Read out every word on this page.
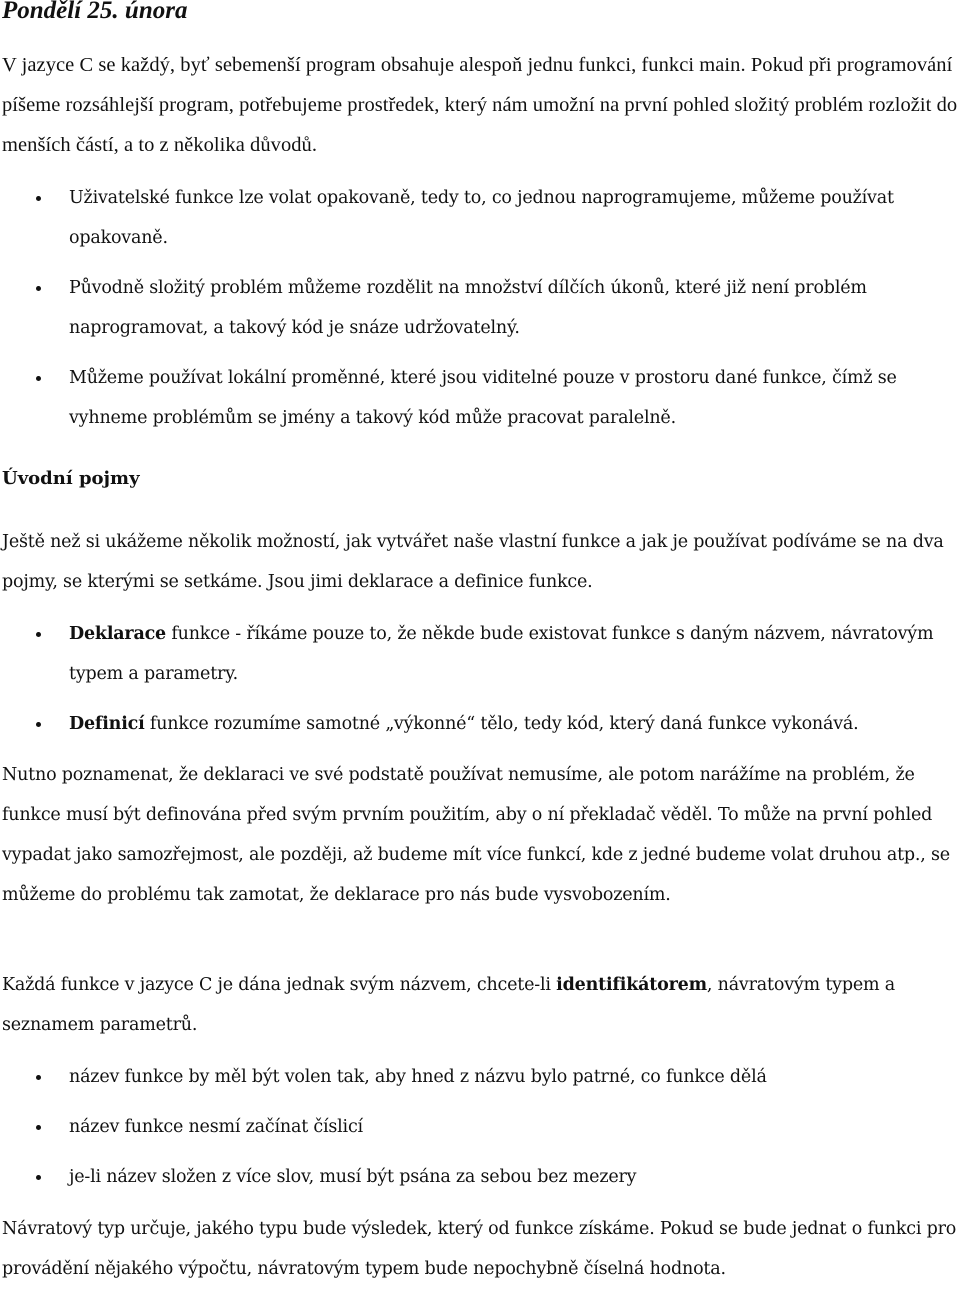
Pondělí 25. února
V jazyce C se každý, byť sebemenší program obsahuje alespoň jednu funkci, funkci main. Pokud při programování píšeme rozsáhlejší program, potřebujeme prostředek, který nám umožní na první pohled složitý problém rozložit do menších částí, a to z několika důvodů.
Uživatelské funkce lze volat opakovaně, tedy to, co jednou naprogramujeme, můžeme používat opakovaně.
Původně složitý problém můžeme rozdělit na množství dílčích úkonů, které již není problém naprogramovat, a takový kód je snáze udržovatelný.
Můžeme používat lokální proměnné, které jsou viditelné pouze v prostoru dané funkce, čímž se vyhneme problémům se jmény a takový kód může pracovat paralelně.
Úvodní pojmy
Ještě než si ukážeme několik možností, jak vytvářet naše vlastní funkce a jak je používat podíváme se na dva pojmy, se kterými se setkáme. Jsou jimi deklarace a definice funkce.
Deklarace funkce - říkáme pouze to, že někde bude existovat funkce s daným názvem, návratovým typem a parametry.
Definicí funkce rozumíme samotné „výkonné“ tělo, tedy kód, který daná funkce vykonává.
Nutno poznamenat, že deklaraci ve své podstatě používat nemusíme, ale potom narážíme na problém, že funkce musí být definována před svým prvním použitím, aby o ní překladač věděl. To může na první pohled vypadat jako samozřejmost, ale později, až budeme mít více funkcí, kde z jedné budeme volat druhou atp., se můžeme do problému tak zamotat, že deklarace pro nás bude vysvobozením.
Každá funkce v jazyce C je dána jednak svým názvem, chcete-li identifikátorem, návratovým typem a seznamem parametrů.
název funkce by měl být volen tak, aby hned z názvu bylo patrné, co funkce dělá
název funkce nesmí začínat číslicí
je-li název složen z více slov, musí být psána za sebou bez mezery
Návratový typ určuje, jakého typu bude výsledek, který od funkce získáme. Pokud se bude jednat o funkci pro provádění nějakého výpočtu, návratovým typem bude nepochybně číselná hodnota.
